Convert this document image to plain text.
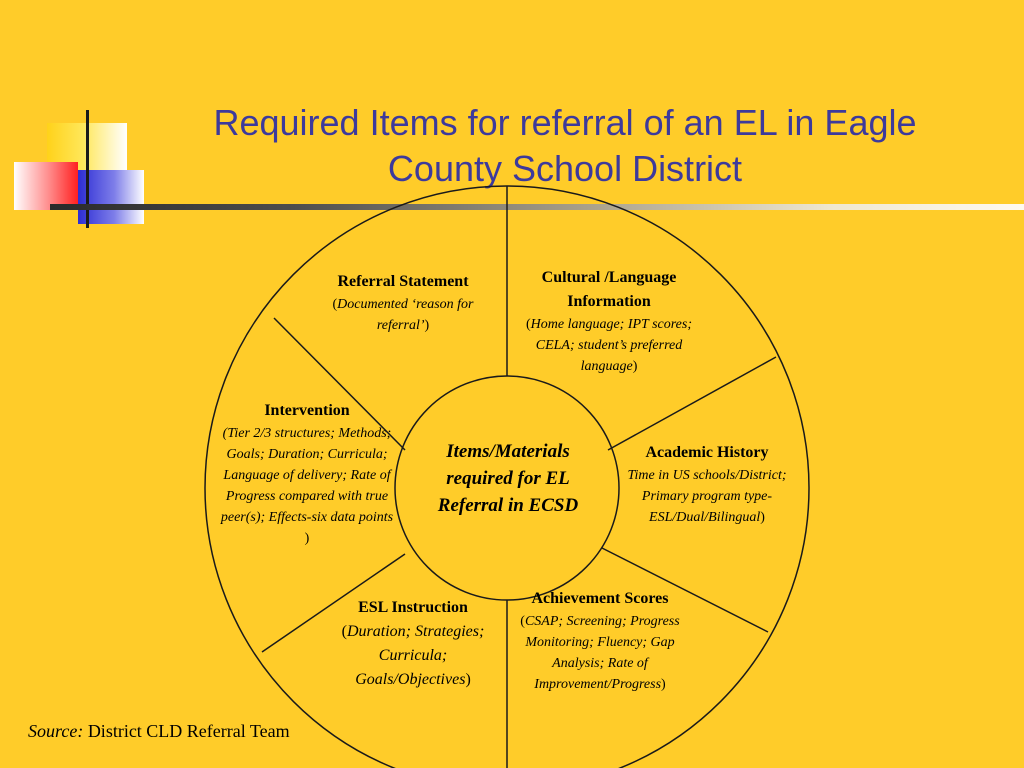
Required Items for referral of an EL in Eagle County School District
Referral Statement
(Documented ‘reason for referral’)
Cultural /Language Information
(Home language; IPT scores; CELA; student’s preferred language)
Intervention
(Tier 2/3 structures; Methods; Goals; Duration; Curricula; Language of delivery; Rate of Progress compared with true peer(s); Effects-six data points )
Academic History
Time in US schools/District; Primary program type-ESL/Dual/Bilingual)
ESL Instruction
(Duration; Strategies; Curricula; Goals/Objectives)
Achievement Scores
(CSAP; Screening; Progress Monitoring; Fluency; Gap Analysis; Rate of Improvement/Progress)
Items/Materials required for EL Referral in ECSD
Source: District CLD Referral Team
